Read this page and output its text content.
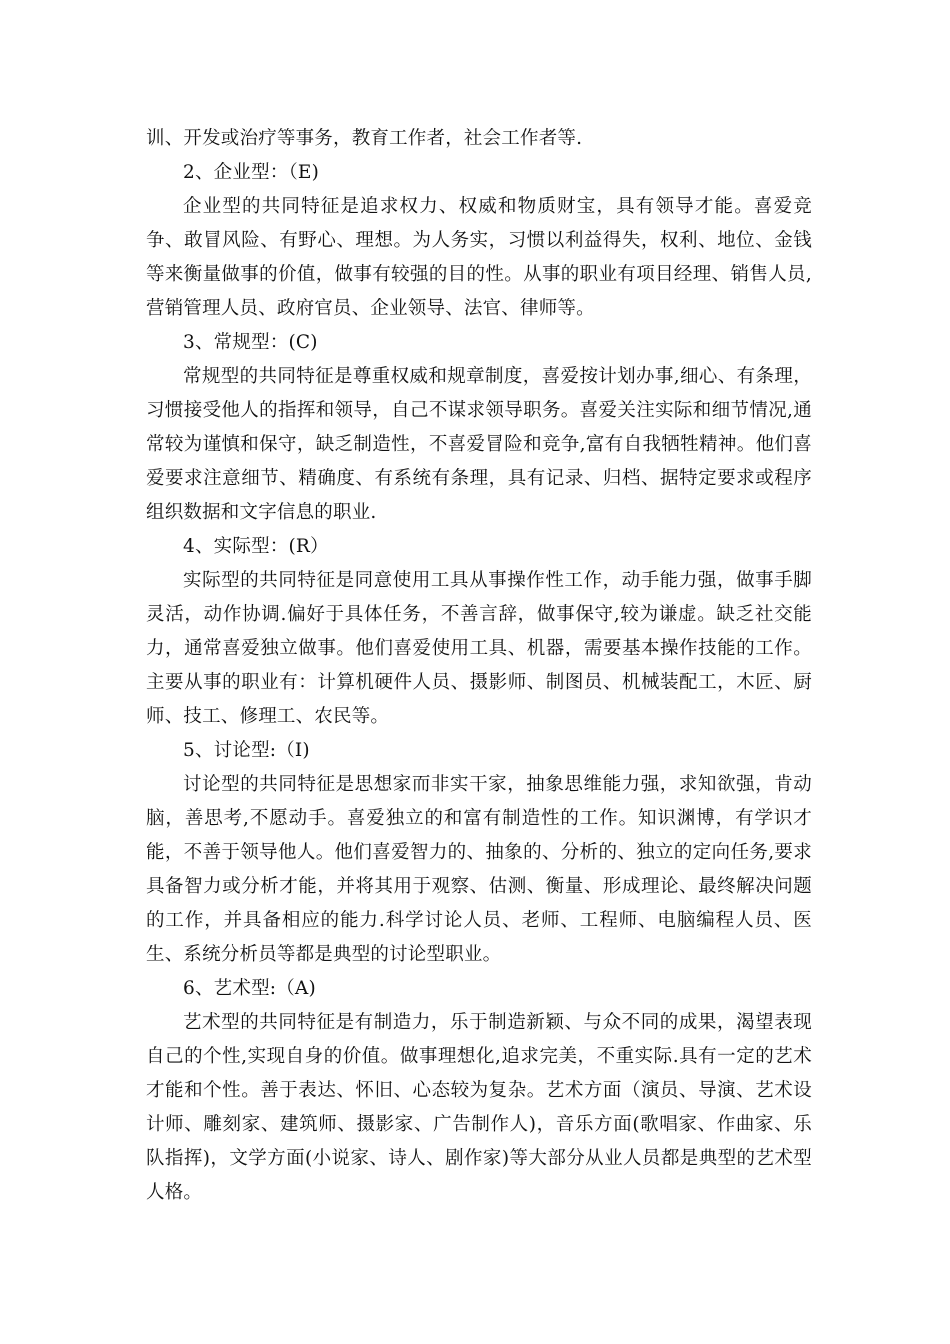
训、开发或治疗等事务，教育工作者，社会工作者等.

2、企业型：（E)

企业型的共同特征是追求权力、权威和物质财宝，具有领导才能。喜爱竞争、敢冒风险、有野心、理想。为人务实，习惯以利益得失，权利、地位、金钱等来衡量做事的价值，做事有较强的目的性。从事的职业有项目经理、销售人员,营销管理人员、政府官员、企业领导、法官、律师等。

3、常规型：(C)

常规型的共同特征是尊重权威和规章制度，喜爱按计划办事,细心、有条理，习惯接受他人的指挥和领导，自己不谋求领导职务。喜爱关注实际和细节情况,通常较为谨慎和保守，缺乏制造性，不喜爱冒险和竞争,富有自我牺牲精神。他们喜爱要求注意细节、精确度、有系统有条理，具有记录、归档、据特定要求或程序组织数据和文字信息的职业.

4、实际型：(R）

实际型的共同特征是同意使用工具从事操作性工作，动手能力强，做事手脚灵活，动作协调.偏好于具体任务，不善言辞，做事保守,较为谦虚。缺乏社交能力，通常喜爱独立做事。他们喜爱使用工具、机器，需要基本操作技能的工作。主要从事的职业有：计算机硬件人员、摄影师、制图员、机械装配工，木匠、厨师、技工、修理工、农民等。

5、讨论型:（I)

讨论型的共同特征是思想家而非实干家，抽象思维能力强，求知欲强，肯动脑，善思考,不愿动手。喜爱独立的和富有制造性的工作。知识渊博，有学识才能，不善于领导他人。他们喜爱智力的、抽象的、分析的、独立的定向任务,要求具备智力或分析才能，并将其用于观察、估测、衡量、形成理论、最终解决问题的工作，并具备相应的能力.科学讨论人员、老师、工程师、电脑编程人员、医生、系统分析员等都是典型的讨论型职业。

6、艺术型:（A)

艺术型的共同特征是有制造力，乐于制造新颖、与众不同的成果，渴望表现自己的个性,实现自身的价值。做事理想化,追求完美，不重实际.具有一定的艺术才能和个性。善于表达、怀旧、心态较为复杂。艺术方面（演员、导演、艺术设计师、雕刻家、建筑师、摄影家、广告制作人)，音乐方面(歌唱家、作曲家、乐队指挥)，文学方面(小说家、诗人、剧作家)等大部分从业人员都是典型的艺术型人格。
